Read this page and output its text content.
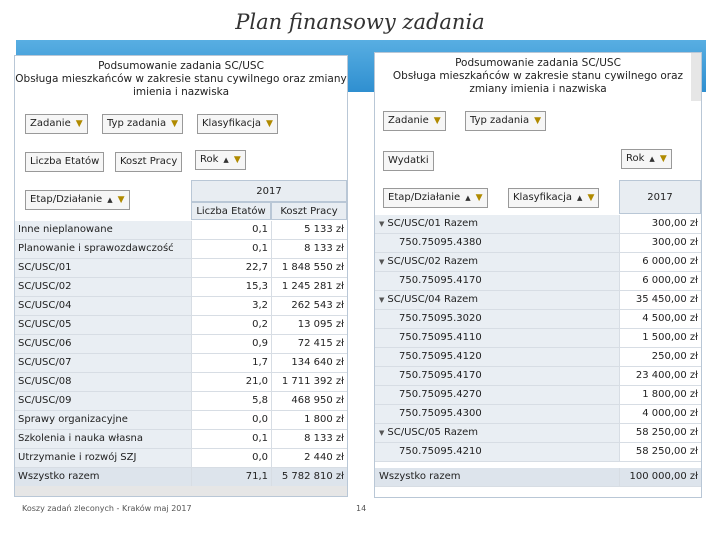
Plan finansowy zadania
Podsumowanie zadania SC/USC
Obsługa mieszkańców w zakresie stanu cywilnego oraz zmiany
imienia i nazwiska
Zadanie ▼ Typ zadania ▼ Klasyfikacja ▼
Liczba Etatów Koszt Pracy Rok ▲ ▼
Etap/Działanie ▲ ▼
2017
Liczba Etatów	Koszt Pracy
Inne nieplanowane	0,1	5 133 zł
Planowanie i sprawozdawczość	0,1	8 133 zł
SC/USC/01	22,7	1 848 550 zł
SC/USC/02	15,3	1 245 281 zł
SC/USC/04	3,2	262 543 zł
SC/USC/05	0,2	13 095 zł
SC/USC/06	0,9	72 415 zł
SC/USC/07	1,7	134 640 zł
SC/USC/08	21,0	1 711 392 zł
SC/USC/09	5,8	468 950 zł
Sprawy organizacyjne	0,0	1 800 zł
Szkolenia i nauka własna	0,1	8 133 zł
Utrzymanie i rozwój SZJ	0,0	2 440 zł
Wszystko razem	71,1	5 782 810 zł
Podsumowanie zadania SC/USC
Obsługa mieszkańców w zakresie stanu cywilnego oraz
zmiany imienia i nazwiska
Zadanie ▼	Typ zadania ▼
Wydatki	Rok ▲ ▼
Etap/Działanie ▲ ▼	Klasyfikacja ▲ ▼	2017
▼ SC/USC/01 Razem	300,00 zł
750.75095.4380	300,00 zł
▼ SC/USC/02 Razem	6 000,00 zł
750.75095.4170	6 000,00 zł
▼ SC/USC/04 Razem	35 450,00 zł
750.75095.3020	4 500,00 zł
750.75095.4110	1 500,00 zł
750.75095.4120	250,00 zł
750.75095.4170	23 400,00 zł
750.75095.4270	1 800,00 zł
750.75095.4300	4 000,00 zł
▼ SC/USC/05 Razem	58 250,00 zł
750.75095.4210	58 250,00 zł
Wszystko razem	100 000,00 zł
Koszy zadań zleconych - Kraków maj 2017	14
